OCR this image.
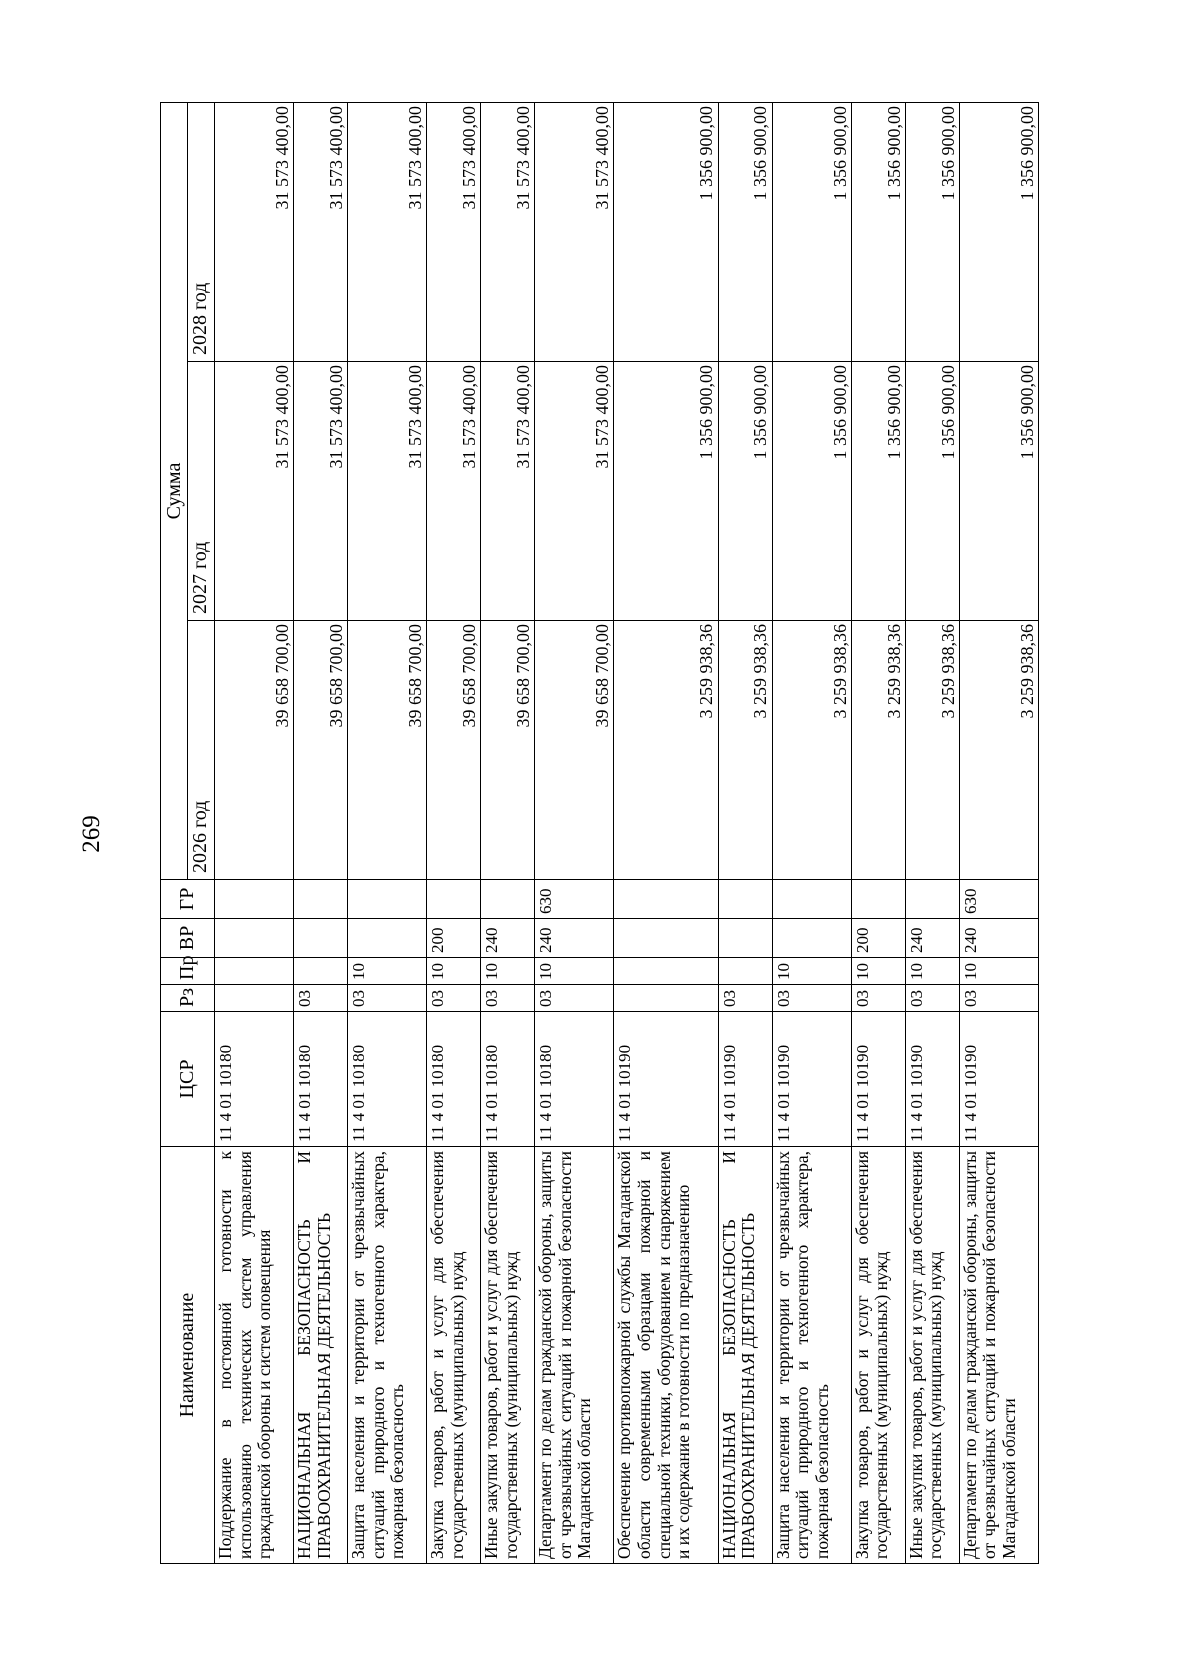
269
Наименование	ЦСР	Рз	Пр	ВР	ГР	Сумма		
						2026 год	2027 год	2028 год
Поддержание в постоянной готовности к использованию технических систем управления гражданской обороны и систем оповещения	11 4 01 10180					39 658 700,00	31 573 400,00	31 573 400,00
НАЦИОНАЛЬНАЯ БЕЗОПАСНОСТЬ И ПРАВООХРАНИТЕЛЬНАЯ ДЕЯТЕЛЬНОСТЬ	11 4 01 10180	03				39 658 700,00	31 573 400,00	31 573 400,00
Защита населения и территории от чрезвычайных ситуаций природного и техногенного характера, пожарная безопасность	11 4 01 10180	03	10			39 658 700,00	31 573 400,00	31 573 400,00
Закупка товаров, работ и услуг для обеспечения государственных (муниципальных) нужд	11 4 01 10180	03	10	200		39 658 700,00	31 573 400,00	31 573 400,00
Иные закупки товаров, работ и услуг для обеспечения государственных (муниципальных) нужд	11 4 01 10180	03	10	240		39 658 700,00	31 573 400,00	31 573 400,00
Департамент по делам гражданской обороны, защиты от чрезвычайных ситуаций и пожарной безопасности Магаданской области	11 4 01 10180	03	10	240	630	39 658 700,00	31 573 400,00	31 573 400,00
Обеспечение противопожарной службы Магаданской области современными образцами пожарной и специальной техники, оборудованием и снаряжением и их содержание в готовности по предназначению	11 4 01 10190					3 259 938,36	1 356 900,00	1 356 900,00
НАЦИОНАЛЬНАЯ БЕЗОПАСНОСТЬ И ПРАВООХРАНИТЕЛЬНАЯ ДЕЯТЕЛЬНОСТЬ	11 4 01 10190	03				3 259 938,36	1 356 900,00	1 356 900,00
Защита населения и территории от чрезвычайных ситуаций природного и техногенного характера, пожарная безопасность	11 4 01 10190	03	10			3 259 938,36	1 356 900,00	1 356 900,00
Закупка товаров, работ и услуг для обеспечения государственных (муниципальных) нужд	11 4 01 10190	03	10	200		3 259 938,36	1 356 900,00	1 356 900,00
Иные закупки товаров, работ и услуг для обеспечения государственных (муниципальных) нужд	11 4 01 10190	03	10	240		3 259 938,36	1 356 900,00	1 356 900,00
Департамент по делам гражданской обороны, защиты от чрезвычайных ситуаций и пожарной безопасности Магаданской области	11 4 01 10190	03	10	240	630	3 259 938,36	1 356 900,00	1 356 900,00
